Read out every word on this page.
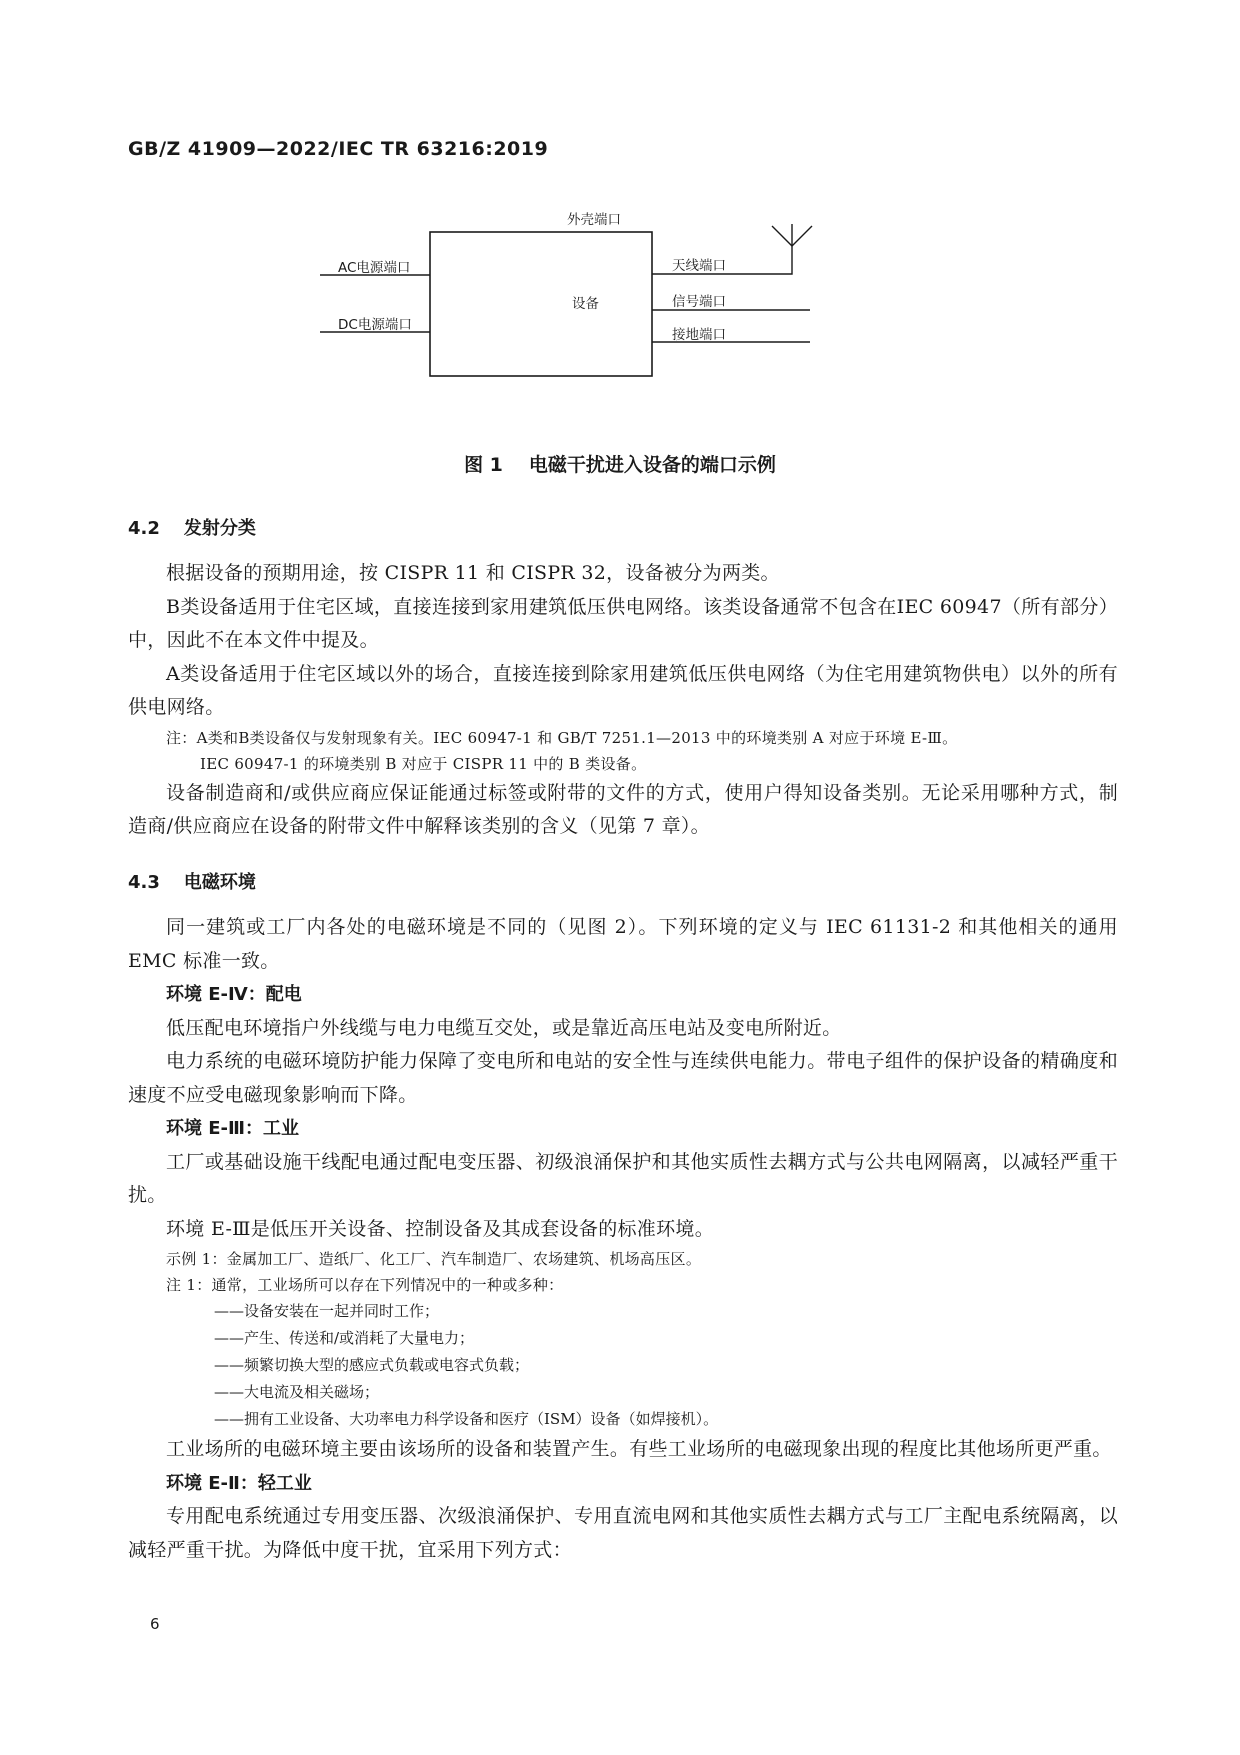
GB/Z 41909—2022/IEC TR 63216:2019
外壳端口
AC电源端口
DC电源端口
设备
天线端口
信号端口
接地端口
图 1 电磁干扰进入设备的端口示例
4.2 发射分类

根据设备的预期用途，按 CISPR 11 和 CISPR 32，设备被分为两类。

B类设备适用于住宅区域，直接连接到家用建筑低压供电网络。该类设备通常不包含在IEC 60947（所有部分）中，因此不在本文件中提及。

A类设备适用于住宅区域以外的场合，直接连接到除家用建筑低压供电网络（为住宅用建筑物供电）以外的所有供电网络。

注：A类和B类设备仅与发射现象有关。IEC 60947-1 和 GB/T 7251.1—2013 中的环境类别 A 对应于环境 E-Ⅲ。

IEC 60947-1 的环境类别 B 对应于 CISPR 11 中的 B 类设备。

设备制造商和/或供应商应保证能通过标签或附带的文件的方式，使用户得知设备类别。无论采用哪种方式，制造商/供应商应在设备的附带文件中解释该类别的含义（见第 7 章）。

4.3 电磁环境

同一建筑或工厂内各处的电磁环境是不同的（见图 2）。下列环境的定义与 IEC 61131-2 和其他相关的通用 EMC 标准一致。

环境 E-Ⅳ：配电

低压配电环境指户外线缆与电力电缆互交处，或是靠近高压电站及变电所附近。

电力系统的电磁环境防护能力保障了变电所和电站的安全性与连续供电能力。带电子组件的保护设备的精确度和速度不应受电磁现象影响而下降。

环境 E-Ⅲ：工业

工厂或基础设施干线配电通过配电变压器、初级浪涌保护和其他实质性去耦方式与公共电网隔离，以减轻严重干扰。

环境 E-Ⅲ是低压开关设备、控制设备及其成套设备的标准环境。

示例 1：金属加工厂、造纸厂、化工厂、汽车制造厂、农场建筑、机场高压区。

注 1：通常，工业场所可以存在下列情况中的一种或多种：

——设备安装在一起并同时工作；
——产生、传送和/或消耗了大量电力；
——频繁切换大型的感应式负载或电容式负载；
——大电流及相关磁场；
——拥有工业设备、大功率电力科学设备和医疗（ISM）设备（如焊接机）。

工业场所的电磁环境主要由该场所的设备和装置产生。有些工业场所的电磁现象出现的程度比其他场所更严重。

环境 E-Ⅱ：轻工业

专用配电系统通过专用变压器、次级浪涌保护、专用直流电网和其他实质性去耦方式与工厂主配电系统隔离，以减轻严重干扰。为降低中度干扰，宜采用下列方式：

6
